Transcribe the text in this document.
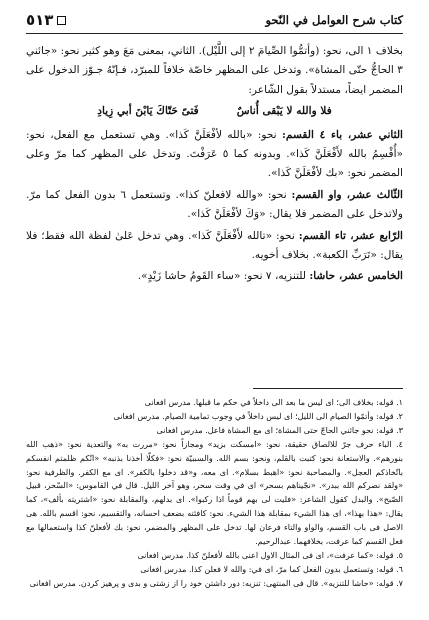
كتاب شرح العوامل في النّحو
٥١٣

بخلاف ١ الى، نحو: (وأتمُّوا الصِّيامَ ٢ إلى اللَّيْل). الثاني، بمعنى مَعَ وهو كثير نحو: «جائني ٣ الحاجُّ حتّى المشاة». وتدخل على المظهر خاصّة خلافاً للمبرّد، فـإنّهُ جـوّز الدخول على المضمر ايضاً، مستدلاً بقول الشّاعر:

فلا والله لا يَبْقى أُناسٌ
فَتىً حَتّاكَ يَابْنَ أبي زِيادِ

الثاني عشر، باء ٤ القسم: نحو: «بالله لأفْعَلَنَّ كَذا». وهي تستعمل مع الفعل، نحو: «أُقْسِمُ بالله لأَفْعَلَنَّ كَذا». وبدونه كما ٥ عَرَفْتَ. وتدخل على المظهر كما مرّ وعلى المضمر نحو: «بك لأفْعَلَنَّ كَذا».

الثّالث عشر، واو القسم: نحو: «والله لافعلنّ كذا». وتستعمل ٦ بدون الفعل كما مرّ. ولاتدخل على المضمر فلا يقال: «وَكَ لأفْعَلَنَّ كَذا».

الرّابع عشر، تاء القسم: نحو: «تالله لأَفْعَلَنَّ كَذا». وهي تدخل عَلىٰ لفظة الله فقط؛ فلا يقال: «تَرَبِّ الكعبة». بخلاف أخويه.

الخامس عشر، حاشا: للتنزيه، ٧ نحو: «ساء القَومُ حاشا زَيْدٍ».

١. قوله: بخلاف الى؛ اى ليس ما بعد الى داخلاً في حكم ما قبلها. مدرس افغانى

٢. قوله: وأتمّوا الصيام الى الليل؛ اى ليس داخلاً في وجوب تمامية الصيام. مدرس افغانى

٣. قوله: نحو جائني الحاجّ حتى المشاة؛ اى مع المشاة فاعل. مدرس افغانى

٤. الباء حرف جرّ للالصاق حقيقة، نحو: «امسكت بزيد» ومجازاً نحو: «مررت به» والتعدية نحو: «ذهب الله بنورهم». والاستعانة نحو: كتبت بالقلم، ونحو: بسم الله. والسببيّة نحو: «فكلّا أخذنا بذنبه» «انّكم ظلمتم انفسكم باتّخاذكم العجل». والمصاحبة نحو: «اهبط بسلام». اى معه، و«قد دخلوا بالكفر». اى مع الكفر. والظرفية نحو: «ولقد نصركم الله ببدر». «نجّيناهم بسحر» اى في وقت سحر، وهو آخر الليل. قال في القاموس: «السّحر، قبيل الصّبح». والبدل كقول الشاعر: «فليت لى بهم قوماً اذا ركبوا». اى بدلهم، والمقابلة نحو: «اشتريته بألف»، كما يقال: «هذا بهذا»، اى هذا الشيء بمقابلة هذا الشيء. نحو: كافئته بضعف احسانه، والتقسيم، نحو: اقسم بالله. هى الاصل فى باب القسم، والواو والتاء فرعان لها. تدخل على المظهر والمضمر، نحو: بك لأفعلنّ كذا واستعمالها مع فعل القسم كما عرفت، بخلافهما. عبدالرحيم.

٥. قوله: «كما عرفت»، اى فى المثال الاول اعنى بالله لأفعلنّ كذا. مدرس افغانى

٦. قوله: وتستعمل بدون الفعل كما مرّ، اى في: والله لا فعلن كذا. مدرس افغانى

٧. قوله: «حاشا للتنزيه». قال فى المنتهى: تنزيه: دور داشتن خود را از زشتى و بدى و پرهيز كردن. مدرس افغانى
